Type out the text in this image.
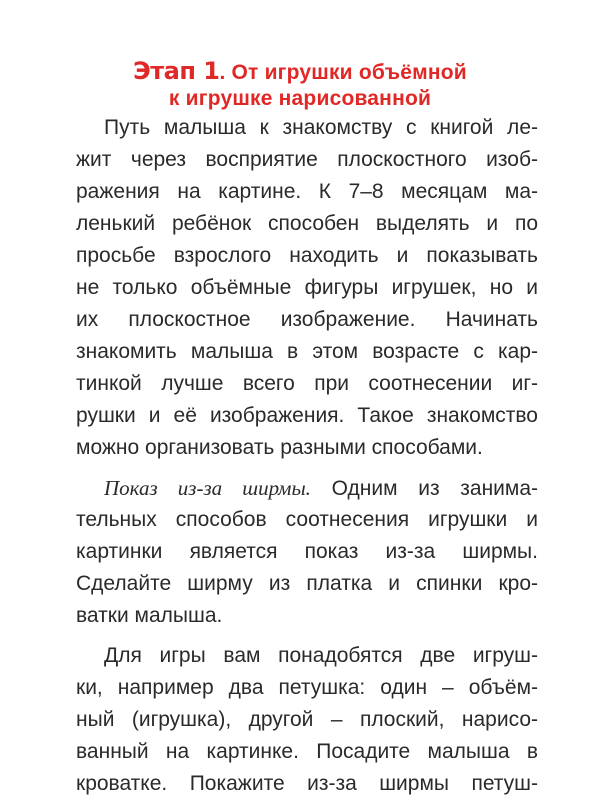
Этап 1. От игрушки объёмной
к игрушке нарисованной
Путь малыша к знакомству с книгой ле-
жит через восприятие плоскостного изоб-
ражения на картине. К 7–8 месяцам ма-
ленький ребёнок способен выделять и по
просьбе взрослого находить и показывать
не только объёмные фигуры игрушек, но и
их плоскостное изображение. Начинать
знакомить малыша в этом возрасте с кар-
тинкой лучше всего при соотнесении иг-
рушки и её изображения. Такое знакомство
можно организовать разными способами.
Показ из-за ширмы. Одним из занима-
тельных способов соотнесения игрушки и
картинки является показ из-за ширмы.
Сделайте ширму из платка и спинки кро-
ватки малыша.
Для игры вам понадобятся две игруш-
ки, например два петушка: один – объём-
ный (игрушка), другой – плоский, нарисо-
ванный на картинке. Посадите малыша в
кроватке. Покажите из-за ширмы петуш-
